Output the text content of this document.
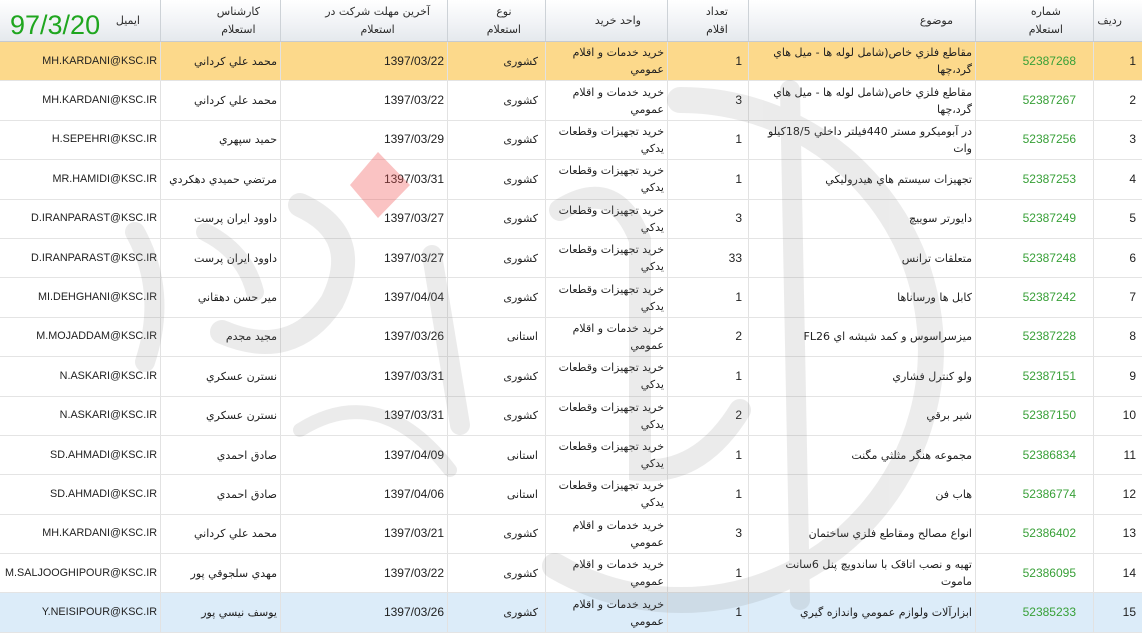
ردیف
شماره
استعلام
موضوع
تعداد
اقلام
واحد خرید
نوع
استعلام
آخرین مهلت شرکت در
استعلام
کارشناس
استعلام
ایمیل
1
52387268
مقاطع فلزي خاص(شامل لوله ها - ميل هاي گرد،چها
1
خريد خدمات و اقلام عمومي
کشوری
1397/03/22
محمد علي كرداني
MH.KARDANI@KSC.IR
2
52387267
مقاطع فلزي خاص(شامل لوله ها - ميل هاي گرد،چها
3
خريد خدمات و اقلام عمومي
کشوری
1397/03/22
محمد علي كرداني
MH.KARDANI@KSC.IR
3
52387256
در آبوميكرو مستر 440فيلتر داخلي 18/5كيلو وات
1
خريد تجهيزات وقطعات يدكي
کشوری
1397/03/29
حميد سپهري
H.SEPEHRI@KSC.IR
4
52387253
تجهيزات سيستم هاي هيدروليكي
1
خريد تجهيزات وقطعات يدكي
کشوری
1397/03/31
مرتضي حميدي دهكردي
MR.HAMIDI@KSC.IR
5
52387249
دايورتر سوييچ
3
خريد تجهيزات وقطعات يدكي
کشوری
1397/03/27
داوود ايران پرست
D.IRANPARAST@KSC.IR
6
52387248
متعلقات ترانس
33
خريد تجهيزات وقطعات يدكي
کشوری
1397/03/27
داوود ايران پرست
D.IRANPARAST@KSC.IR
7
52387242
كابل ها ورساناها
1
خريد تجهيزات وقطعات يدكي
کشوری
1397/04/04
مير حسن دهقاني
MI.DEHGHANI@KSC.IR
8
52387228
ميزسراسوس و كمد شيشه اي FL26
2
خريد خدمات و اقلام عمومي
استانی
1397/03/26
مجيد مجدم
M.MOJADDAM@KSC.IR
9
52387151
ولو كنترل فشاري
1
خريد تجهيزات وقطعات يدكي
کشوری
1397/03/31
نسترن عسكري
N.ASKARI@KSC.IR
10
52387150
شير برقي
2
خريد تجهيزات وقطعات يدكي
کشوری
1397/03/31
نسترن عسكري
N.ASKARI@KSC.IR
11
52386834
مجموعه هنگر مثلثي مگنت
1
خريد تجهيزات وقطعات يدكي
استانی
1397/04/09
صادق احمدي
SD.AHMADI@KSC.IR
12
52386774
هاب فن
1
خريد تجهيزات وقطعات يدكي
استانی
1397/04/06
صادق احمدي
SD.AHMADI@KSC.IR
13
52386402
انواع مصالح ومقاطع فلزي ساختمان
3
خريد خدمات و اقلام عمومي
کشوری
1397/03/21
محمد علي كرداني
MH.KARDANI@KSC.IR
14
52386095
تهيه و نصب اتاقک با ساندويچ پنل 6سانت ماموت
1
خريد خدمات و اقلام عمومي
کشوری
1397/03/22
مهدي سلجوقي پور
M.SALJOOGHIPOUR@KSC.IR
15
52385233
ابزارآلات ولوازم عمومي واندازه گيري
1
خريد خدمات و اقلام عمومي
کشوری
1397/03/26
يوسف نيسي پور
Y.NEISIPOUR@KSC.IR
97/3/20
